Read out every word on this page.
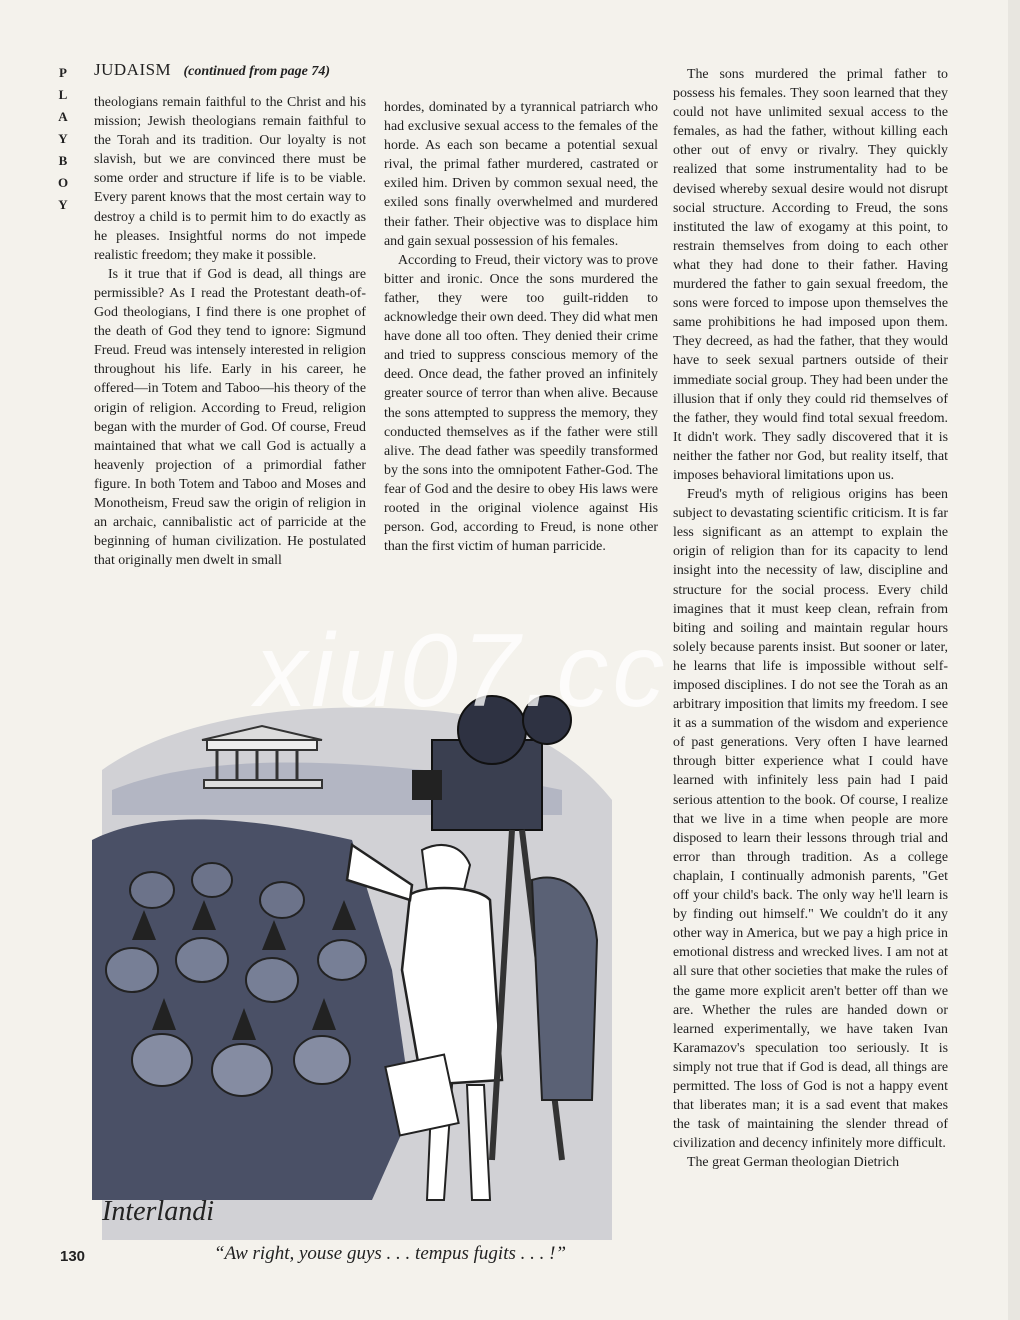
P
L
A
Y
B
O
Y
JUDAISM (continued from page 74)

theologians remain faithful to the Christ and his mission; Jewish theologians remain faithful to the Torah and its tradition. Our loyalty is not slavish, but we are convinced there must be some order and structure if life is to be viable. Every parent knows that the most certain way to destroy a child is to permit him to do exactly as he pleases. Insightful norms do not impede realistic freedom; they make it possible.

Is it true that if God is dead, all things are permissible? As I read the Protestant death-of-God theologians, I find there is one prophet of the death of God they tend to ignore: Sigmund Freud. Freud was intensely interested in religion throughout his life. Early in his career, he offered—in Totem and Taboo—his theory of the origin of religion. According to Freud, religion began with the murder of God. Of course, Freud maintained that what we call God is actually a heavenly projection of a primordial father figure. In both Totem and Taboo and Moses and Monotheism, Freud saw the origin of religion in an archaic, cannibalistic act of parricide at the beginning of human civilization. He postulated that originally men dwelt in small

hordes, dominated by a tyrannical patriarch who had exclusive sexual access to the females of the horde. As each son became a potential sexual rival, the primal father murdered, castrated or exiled him. Driven by common sexual need, the exiled sons finally overwhelmed and murdered their father. Their objective was to displace him and gain sexual possession of his females.

According to Freud, their victory was to prove bitter and ironic. Once the sons murdered the father, they were too guilt-ridden to acknowledge their own deed. They did what men have done all too often. They denied their crime and tried to suppress conscious memory of the deed. Once dead, the father proved an infinitely greater source of terror than when alive. Because the sons attempted to suppress the memory, they conducted themselves as if the father were still alive. The dead father was speedily transformed by the sons into the omnipotent Father-God. The fear of God and the desire to obey His laws were rooted in the original violence against His person. God, according to Freud, is none other than the first victim of human parricide.

The sons murdered the primal father to possess his females. They soon learned that they could not have unlimited sexual access to the females, as had the father, without killing each other out of envy or rivalry. They quickly realized that some instrumentality had to be devised whereby sexual desire would not disrupt social structure. According to Freud, the sons instituted the law of exogamy at this point, to restrain themselves from doing to each other what they had done to their father. Having murdered the father to gain sexual freedom, the sons were forced to impose upon themselves the same prohibitions he had imposed upon them. They decreed, as had the father, that they would have to seek sexual partners outside of their immediate social group. They had been under the illusion that if only they could rid themselves of the father, they would find total sexual freedom. It didn't work. They sadly discovered that it is neither the father nor God, but reality itself, that imposes behavioral limitations upon us.

Freud's myth of religious origins has been subject to devastating scientific criticism. It is far less significant as an attempt to explain the origin of religion than for its capacity to lend insight into the necessity of law, discipline and structure for the social process. Every child imagines that it must keep clean, refrain from biting and soiling and maintain regular hours solely because parents insist. But sooner or later, he learns that life is impossible without self-imposed disciplines. I do not see the Torah as an arbitrary imposition that limits my freedom. I see it as a summation of the wisdom and experience of past generations. Very often I have learned through bitter experience what I could have learned with infinitely less pain had I paid serious attention to the book. Of course, I realize that we live in a time when people are more disposed to learn their lessons through trial and error than through tradition. As a college chaplain, I continually admonish parents, "Get off your child's back. The only way he'll learn is by finding out himself." We couldn't do it any other way in America, but we pay a high price in emotional distress and wrecked lives. I am not at all sure that other societies that make the rules of the game more explicit aren't better off than we are. Whether the rules are handed down or learned experimentally, we have taken Ivan Karamazov's speculation too seriously. It is simply not true that if God is dead, all things are permitted. The loss of God is not a happy event that liberates man; it is a sad event that makes the task of maintaining the slender thread of civilization and decency infinitely more difficult.

The great German theologian Dietrich

Interlandi
“Aw right, youse guys . . . tempus fugits . . . !”
130
xiu07.cc
